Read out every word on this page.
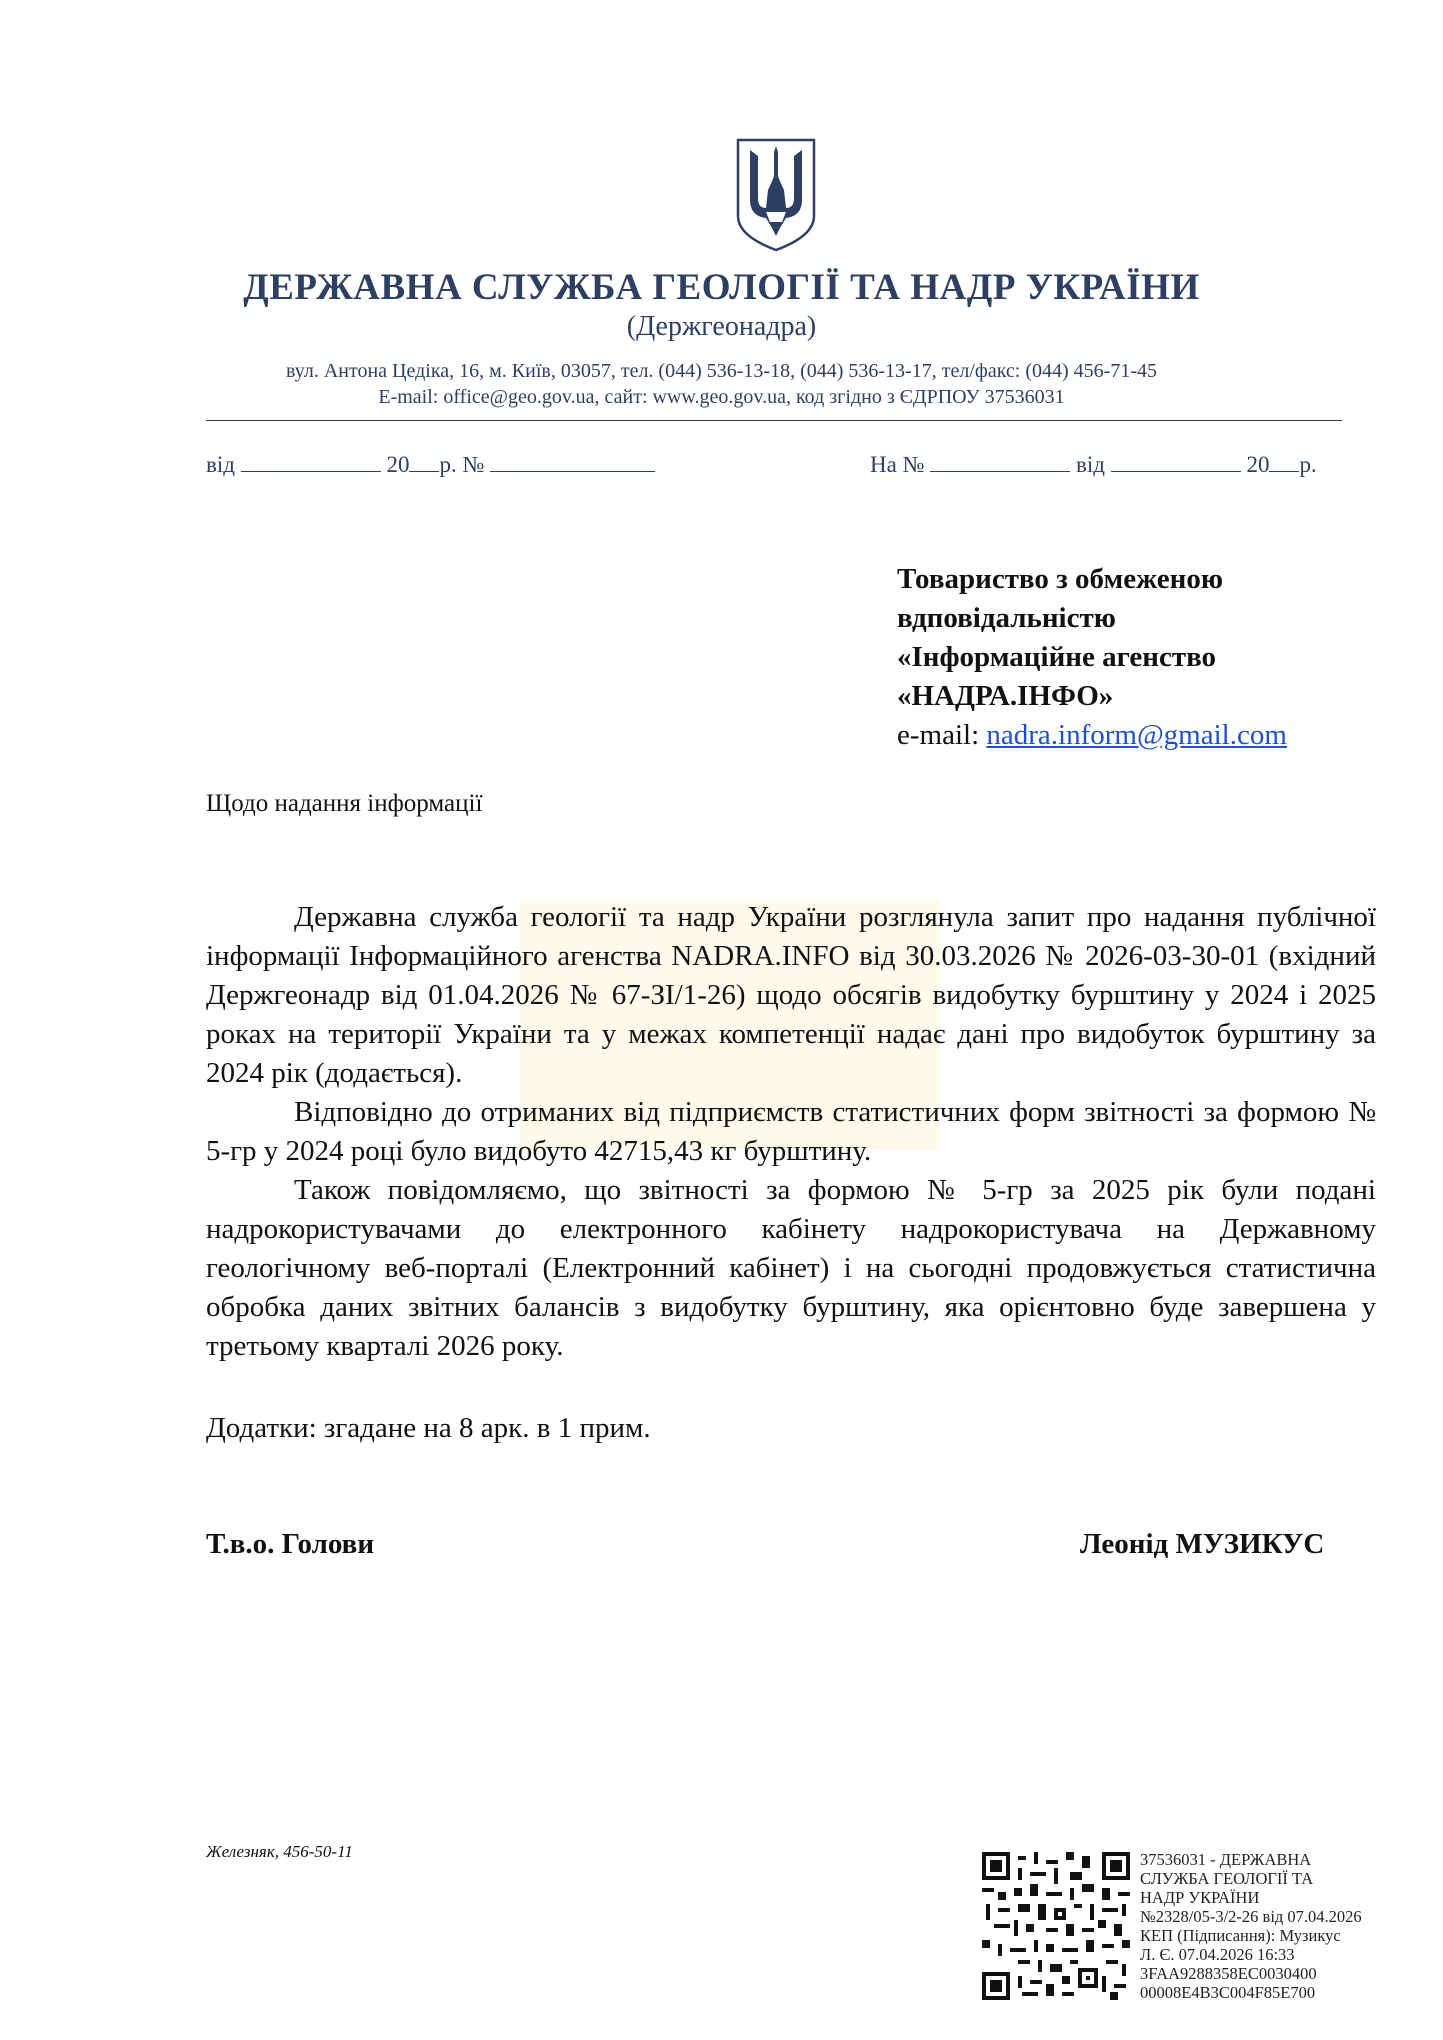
ДЕРЖАВНА СЛУЖБА ГЕОЛОГІЇ ТА НАДР УКРАЇНИ
(Держгеонадра)
вул. Антона Цедіка, 16, м. Київ, 03057, тел. (044) 536-13-18, (044) 536-13-17, тел/факс: (044) 456-71-45
E-mail: office@geo.gov.ua, сайт: www.geo.gov.ua, код згідно з ЄДРПОУ 37536031
від	20 р. №	На №	від	20 р.
Товариство з обмеженою
вдповідальністю
«Інформаційне агенство
«НАДРА.ІНФО»
e-mail: nadra.inform@gmail.com
Щодо надання інформації

Державна служба геології та надр України розглянула запит про надання публічної інформації Інформаційного агенства NADRA.INFO від 30.03.2026 № 2026-03-30-01 (вхідний Держгеонадр від 01.04.2026 № 67-ЗІ/1-26) щодо обсягів видобутку бурштину у 2024 і 2025 роках на території України та у межах компетенції надає дані про видобуток бурштину за 2024 рік (додається).

Відповідно до отриманих від підприємств статистичних форм звітності за формою № 5-гр у 2024 році було видобуто 42715,43 кг бурштину.

Також повідомляємо, що звітності за формою № 5-гр за 2025 рік були подані надрокористувачами до електронного кабінету надрокористувача на Державному геологічному веб-порталі (Електронний кабінет) і на сьогодні продовжується статистична обробка даних звітних балансів з видобутку бурштину, яка орієнтовно буде завершена у третьому кварталі 2026 року.

Додатки: згадане на 8 арк. в 1 прим.
Т.в.о. Голови	Леонід МУЗИКУС
Железняк, 456-50-11	37536031 - ДЕРЖАВНА
СЛУЖБА ГЕОЛОГІЇ ТА
НАДР УКРАЇНИ
№2328/05-3/2-26 від 07.04.2026
КЕП (Підписання): Музикус
Л. Є. 07.04.2026 16:33
3FAA9288358EC0030400
00008E4B3C004F85E700
